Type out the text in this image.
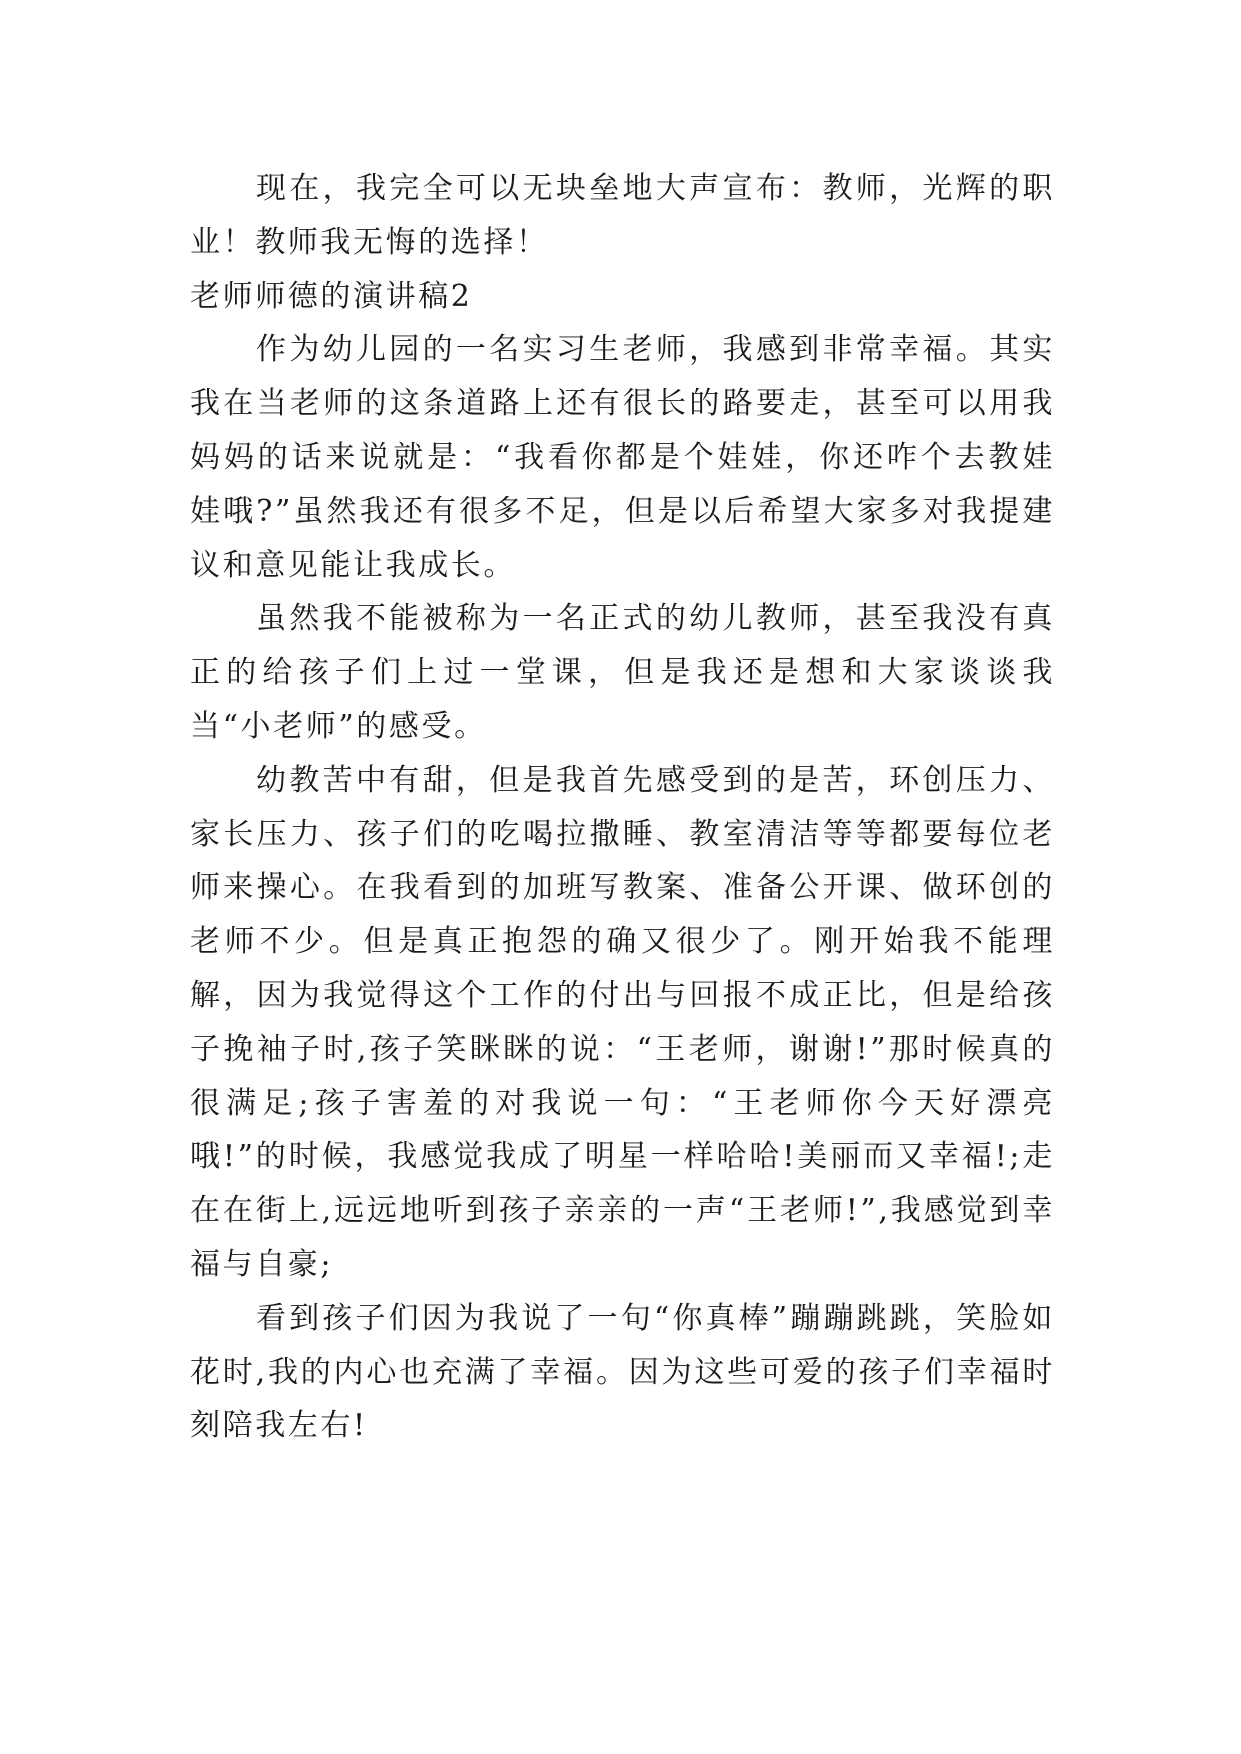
现在，我完全可以无块垒地大声宣布：教师，光辉的职业！教师我无悔的选择！

老师师德的演讲稿2

作为幼儿园的一名实习生老师，我感到非常幸福。其实我在当老师的这条道路上还有很长的路要走，甚至可以用我妈妈的话来说就是：“我看你都是个娃娃，你还咋个去教娃娃哦?”虽然我还有很多不足，但是以后希望大家多对我提建议和意见能让我成长。

虽然我不能被称为一名正式的幼儿教师，甚至我没有真正的给孩子们上过一堂课，但是我还是想和大家谈谈我当“小老师”的感受。

幼教苦中有甜，但是我首先感受到的是苦，环创压力、家长压力、孩子们的吃喝拉撒睡、教室清洁等等都要每位老师来操心。在我看到的加班写教案、准备公开课、做环创的老师不少。但是真正抱怨的确又很少了。刚开始我不能理解，因为我觉得这个工作的付出与回报不成正比，但是给孩子挽袖子时,孩子笑眯眯的说：“王老师，谢谢!”那时候真的很满足;孩子害羞的对我说一句：“王老师你今天好漂亮哦!”的时候，我感觉我成了明星一样哈哈!美丽而又幸福!;走在在街上,远远地听到孩子亲亲的一声“王老师!”,我感觉到幸福与自豪;

看到孩子们因为我说了一句“你真棒”蹦蹦跳跳，笑脸如花时,我的内心也充满了幸福。因为这些可爱的孩子们幸福时刻陪我左右!
